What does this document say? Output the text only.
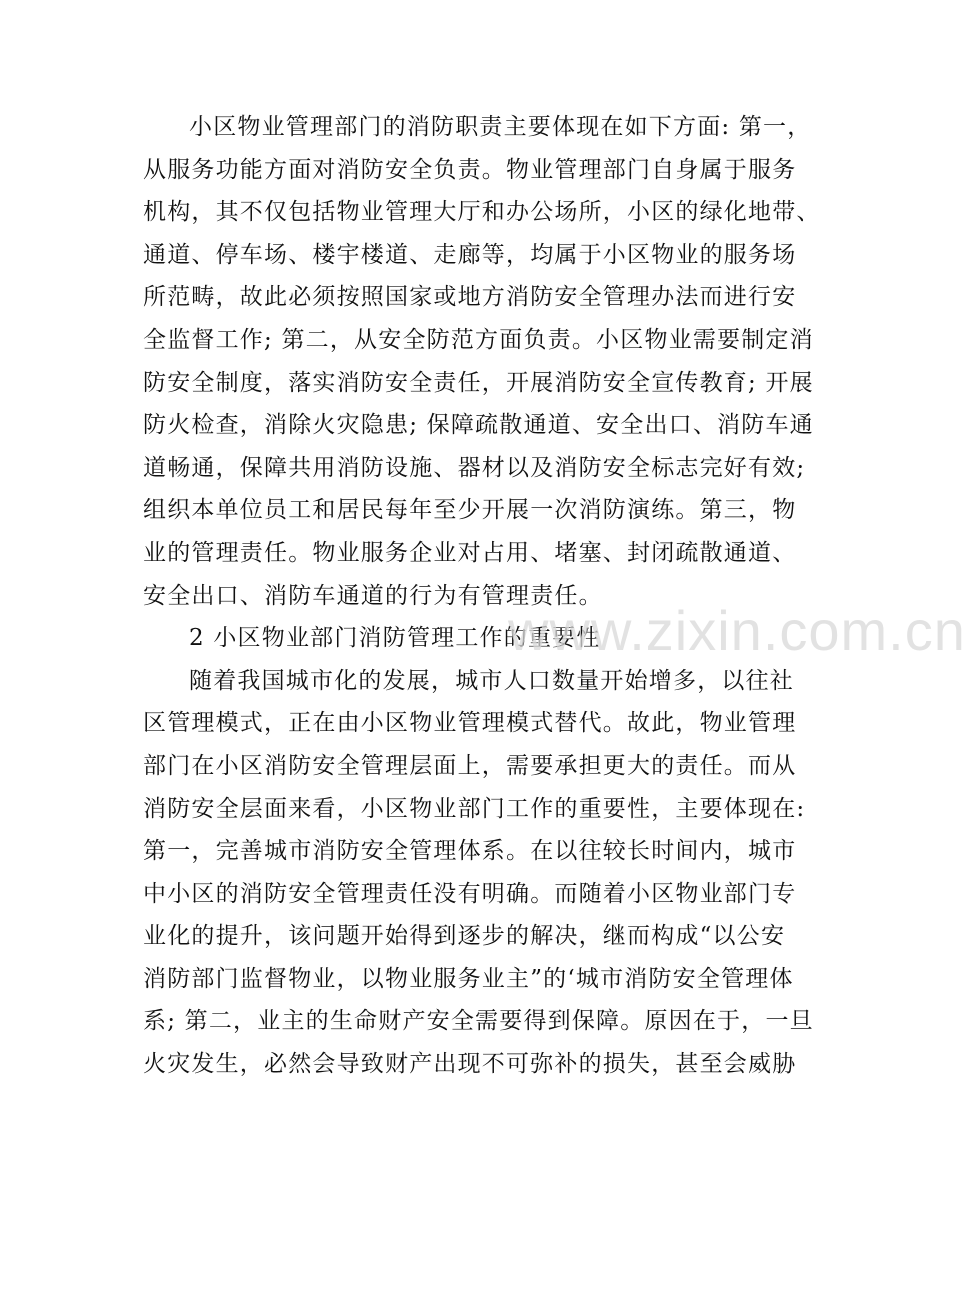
小区物业管理部门的消防职责主要体现在如下方面: 第一，
从服务功能方面对消防安全负责。物业管理部门自身属于服务
机构，其不仅包括物业管理大厅和办公场所，小区的绿化地带、
通道、停车场、楼宇楼道、走廊等，均属于小区物业的服务场
所范畴，故此必须按照国家或地方消防安全管理办法而进行安
全监督工作; 第二，从安全防范方面负责。小区物业需要制定消
防安全制度，落实消防安全责任，开展消防安全宣传教育; 开展
防火检查，消除火灾隐患; 保障疏散通道、安全出口、消防车通
道畅通，保障共用消防设施、器材以及消防安全标志完好有效;
组织本单位员工和居民每年至少开展一次消防演练。第三，物
业的管理责任。物业服务企业对占用、堵塞、封闭疏散通道、
安全出口、消防车通道的行为有管理责任。
2 小区物业部门消防管理工作的重要性
随着我国城市化的发展，城市人口数量开始增多，以往社
区管理模式，正在由小区物业管理模式替代。故此，物业管理
部门在小区消防安全管理层面上，需要承担更大的责任。而从
消防安全层面来看，小区物业部门工作的重要性，主要体现在:
第一，完善城市消防安全管理体系。在以往较长时间内，城市
中小区的消防安全管理责任没有明确。而随着小区物业部门专
业化的提升，该问题开始得到逐步的解决，继而构成“以公安
消防部门监督物业，以物业服务业主”的‘城市消防安全管理体
系; 第二，业主的生命财产安全需要得到保障。原因在于，一旦
火灾发生，必然会导致财产出现不可弥补的损失，甚至会威胁
www.zixin.com.cn
